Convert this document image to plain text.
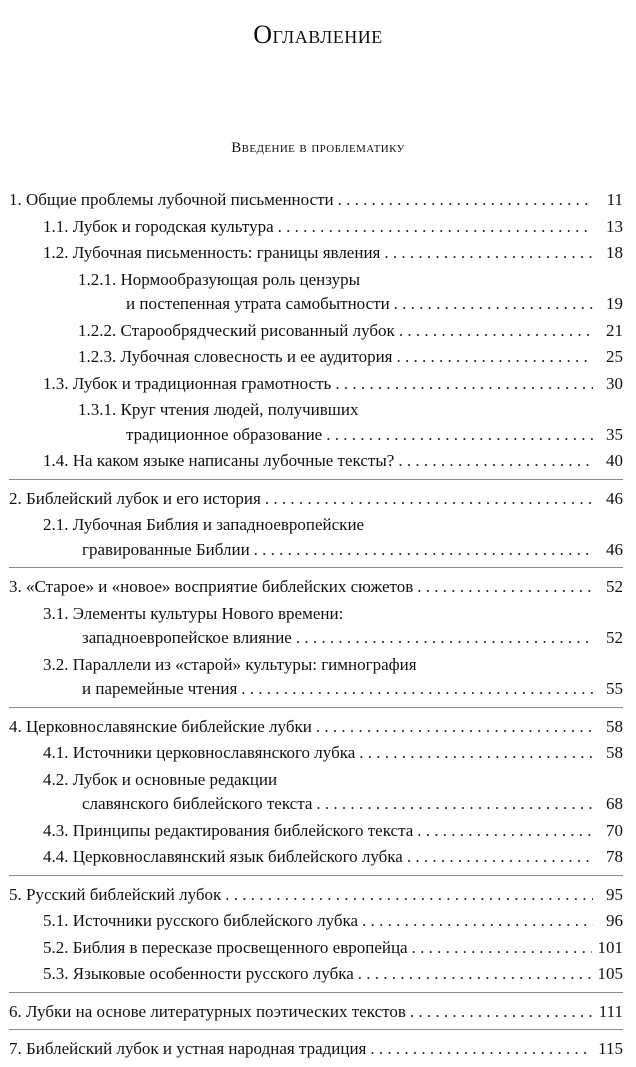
Оглавление
Введение в проблематику
1. Общие проблемы лубочной письменности . . .	11
1.1. Лубок и городская культура . . .	13
1.2. Лубочная письменность: границы явления . . .	18
1.2.1. Нормообразующая роль цензуры
и постепенная утрата самобытности . . .	19
1.2.2. Старообрядческий рисованный лубок . . .	21
1.2.3. Лубочная словесность и ее аудитория . . .	25
1.3. Лубок и традиционная грамотность . . .	30
1.3.1. Круг чтения людей, получивших
традиционное образование . . .	35
1.4. На каком языке написаны лубочные тексты? . . .	40
2. Библейский лубок и его история . . .	46
2.1. Лубочная Библия и западноевропейские
гравированные Библии . . .	46
3. «Старое» и «новое» восприятие библейских сюжетов . . .	52
3.1. Элементы культуры Нового времени:
западноевропейское влияние . . .	52
3.2. Параллели из «старой» культуры: гимнография
и паремейные чтения . . .	55
4. Церковнославянские библейские лубки . . .	58
4.1. Источники церковнославянского лубка . . .	58
4.2. Лубок и основные редакции
славянского библейского текста . . .	68
4.3. Принципы редактирования библейского текста . . .	70
4.4. Церковнославянский язык библейского лубка . . .	78
5. Русский библейский лубок . . .	95
5.1. Источники русского библейского лубка . . .	96
5.2. Библия в пересказе просвещенного европейца . . .	101
5.3. Языковые особенности русского лубка . . .	105
6. Лубки на основе литературных поэтических текстов . . .	111
7. Библейский лубок и устная народная традиция . . .	115
